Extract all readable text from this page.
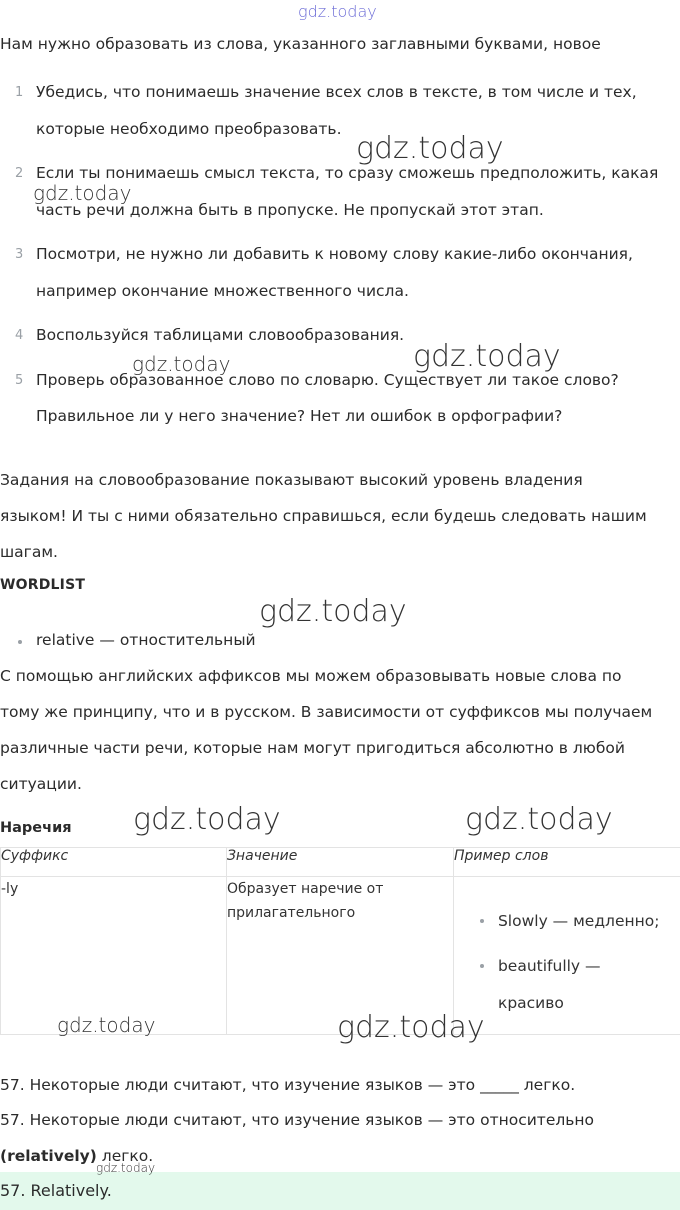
gdz.today
Нам нужно образовать из слова, указанного заглавными буквами, новое
1 Убедись, что понимаешь значение всех слов в тексте, в том числе и тех,
которые необходимо преобразовать.
2 Если ты понимаешь смысл текста, то сразу сможешь предположить, какая
часть речи должна быть в пропуске. Не пропускай этот этап.
3 Посмотри, не нужно ли добавить к новому слову какие-либо окончания,
например окончание множественного числа.
4 Воспользуйся таблицами словообразования.
5 Проверь образованное слово по словарю. Существует ли такое слово?
Правильное ли у него значение? Нет ли ошибок в орфографии?
Задания на словообразование показывают высокий уровень владения
языком! И ты с ними обязательно справишься, если будешь следовать нашим
шагам.
WORDLIST
relative — отностительный
С помощью английских аффиксов мы можем образовывать новые слова по
тому же принципу, что и в русском. В зависимости от суффиксов мы получаем
различные части речи, которые нам могут пригодиться абсолютно в любой
ситуации.
Наречия
Суффикс	Значение	Пример слов
-ly	Образует наречие от прилагательного	Slowly — медленно;
beautifully —
красиво
57. Некоторые люди считают, что изучение языков — это _____ легко.
57. Некоторые люди считают, что изучение языков — это относительно
(relatively) легко.
57. Relatively.
gdz.today
gdz.today
gdz.today	gdz.today
gdz.today
gdz.today	gdz.today
gdz.today	gdz.today
gdz.today
